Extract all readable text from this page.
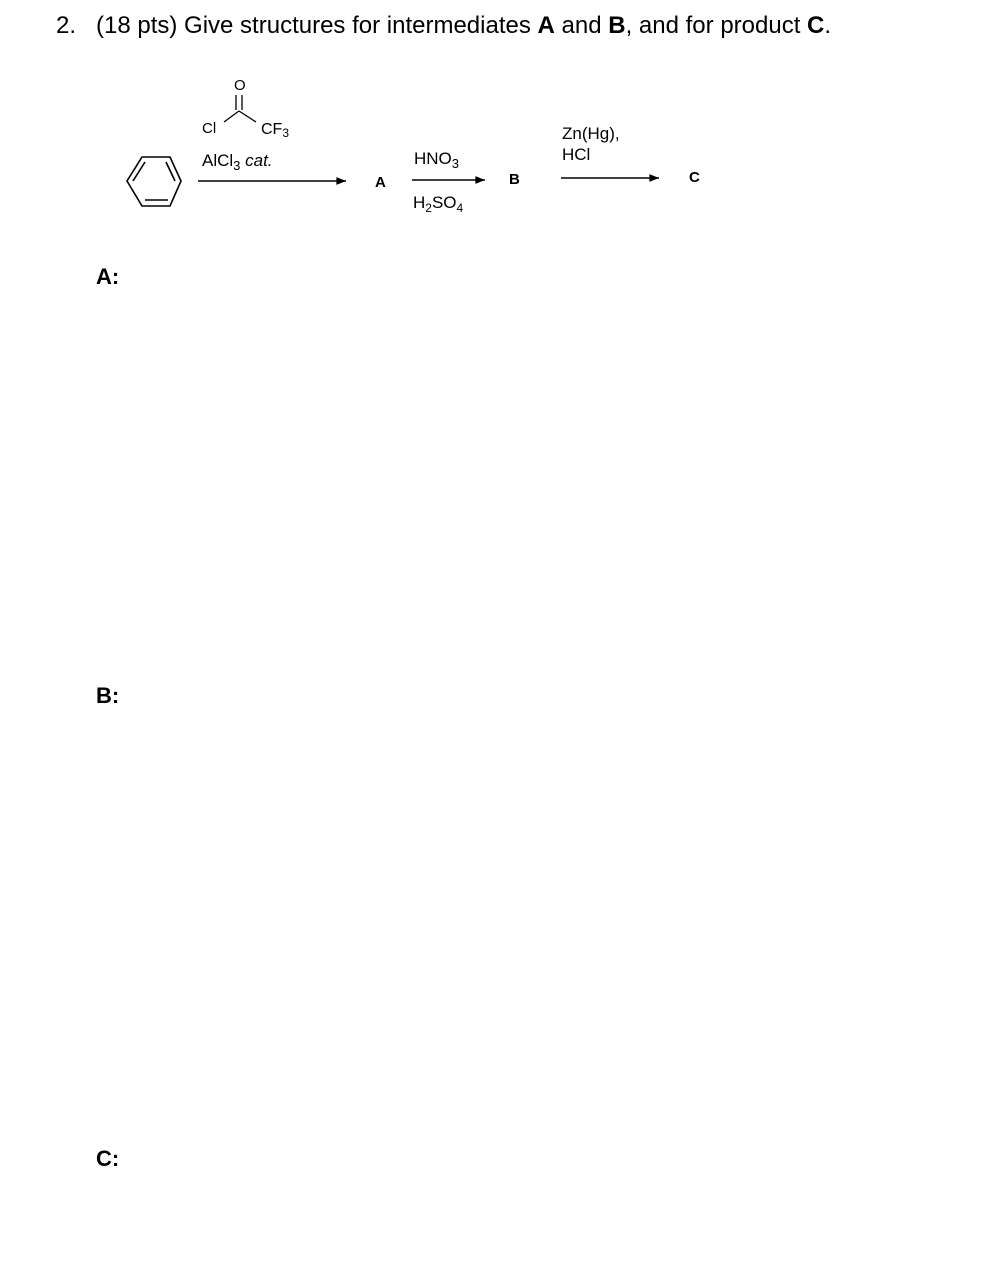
2. (18 pts) Give structures for intermediates A and B, and for product C.
O
Cl	CF3
AlCl$_3$ cat.
A
$HNO_3$
$H_2SO_4$
B
Zn(Hg),
HCl
C
A:
B:
C:
